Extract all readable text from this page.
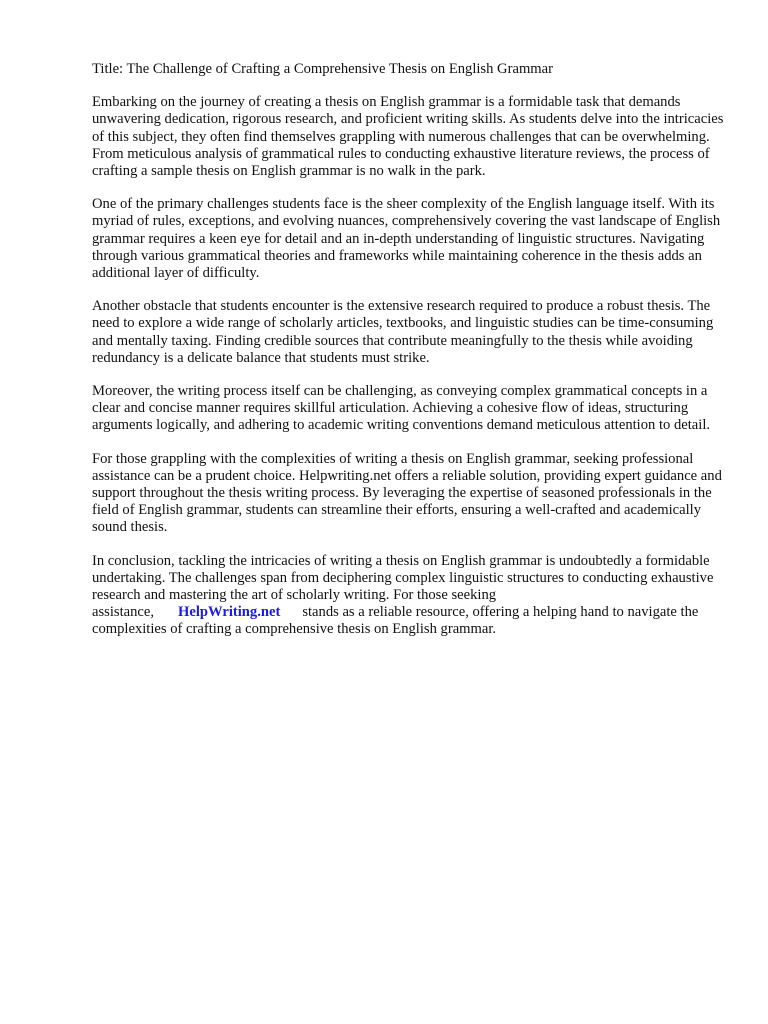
Title: The Challenge of Crafting a Comprehensive Thesis on English Grammar

Embarking on the journey of creating a thesis on English grammar is a formidable task that demands unwavering dedication, rigorous research, and proficient writing skills. As students delve into the intricacies of this subject, they often find themselves grappling with numerous challenges that can be overwhelming. From meticulous analysis of grammatical rules to conducting exhaustive literature reviews, the process of crafting a sample thesis on English grammar is no walk in the park.

One of the primary challenges students face is the sheer complexity of the English language itself. With its myriad of rules, exceptions, and evolving nuances, comprehensively covering the vast landscape of English grammar requires a keen eye for detail and an in-depth understanding of linguistic structures. Navigating through various grammatical theories and frameworks while maintaining coherence in the thesis adds an additional layer of difficulty.

Another obstacle that students encounter is the extensive research required to produce a robust thesis. The need to explore a wide range of scholarly articles, textbooks, and linguistic studies can be time-consuming and mentally taxing. Finding credible sources that contribute meaningfully to the thesis while avoiding redundancy is a delicate balance that students must strike.

Moreover, the writing process itself can be challenging, as conveying complex grammatical concepts in a clear and concise manner requires skillful articulation. Achieving a cohesive flow of ideas, structuring arguments logically, and adhering to academic writing conventions demand meticulous attention to detail.

For those grappling with the complexities of writing a thesis on English grammar, seeking professional assistance can be a prudent choice. Helpwriting.net offers a reliable solution, providing expert guidance and support throughout the thesis writing process. By leveraging the expertise of seasoned professionals in the field of English grammar, students can streamline their efforts, ensuring a well-crafted and academically sound thesis.

In conclusion, tackling the intricacies of writing a thesis on English grammar is undoubtedly a formidable undertaking. The challenges span from deciphering complex linguistic structures to conducting exhaustive research and mastering the art of scholarly writing. For those seeking assistance, HelpWriting.net stands as a reliable resource, offering a helping hand to navigate the complexities of crafting a comprehensive thesis on English grammar.
